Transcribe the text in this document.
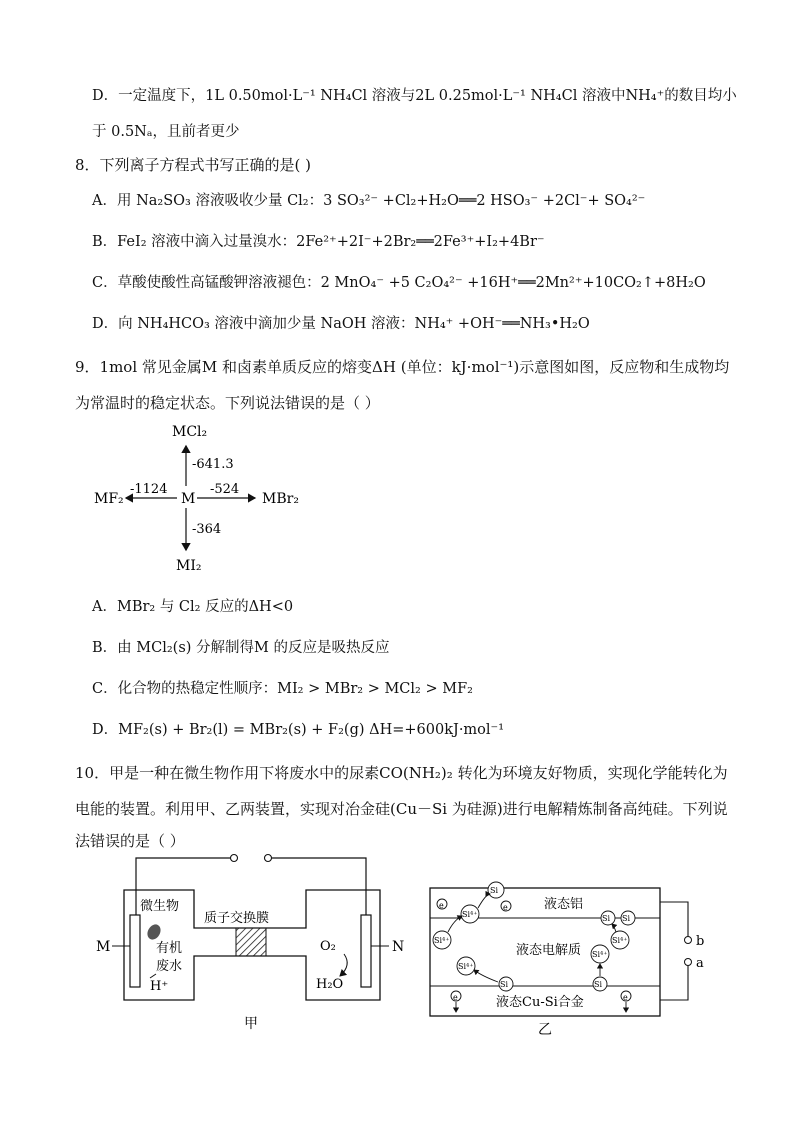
D．一定温度下，1L 0.50mol·L⁻¹ NH₄Cl 溶液与2L 0.25mol·L⁻¹ NH₄Cl 溶液中NH₄⁺的数目均小
于 0.5Nₐ，且前者更少
8．下列离子方程式书写正确的是( )
A．用 Na₂SO₃ 溶液吸收少量 Cl₂：3 SO₃²⁻ +Cl₂+H₂O══2 HSO₃⁻ +2Cl⁻+ SO₄²⁻
B．FeI₂ 溶液中滴入过量溴水：2Fe²⁺+2I⁻+2Br₂══2Fe³⁺+I₂+4Br⁻
C．草酸使酸性高锰酸钾溶液褪色：2 MnO₄⁻ +5 C₂O₄²⁻ +16H⁺══2Mn²⁺+10CO₂↑+8H₂O
D．向 NH₄HCO₃ 溶液中滴加少量 NaOH 溶液：NH₄⁺ +OH⁻══NH₃•H₂O
9．1mol 常见金属M 和卤素单质反应的熔变ΔH (单位：kJ·mol⁻¹)示意图如图，反应物和生成物均
为常温时的稳定状态。下列说法错误的是（ ）
M
MCl₂
-641.3
MF₂
-1124
MBr₂
-524
-364
MI₂
A．MBr₂ 与 Cl₂ 反应的ΔH<0
B．由 MCl₂(s) 分解制得M 的反应是吸热反应
C．化合物的热稳定性顺序：MI₂ > MBr₂ > MCl₂ > MF₂
D．MF₂(s) + Br₂(l) = MBr₂(s) + F₂(g) ΔH=+600kJ·mol⁻¹
10．甲是一种在微生物作用下将废水中的尿素CO(NH₂)₂ 转化为环境友好物质，实现化学能转化为
电能的装置。利用甲、乙两装置，实现对冶金硅(Cu－Si 为硅源)进行电解精炼制备高纯硅。下列说
法错误的是（ ）
M	N
微生物
质子交换膜
有机
废水
H⁺
O₂
H₂O
甲
b
a
液态铝
液态电解质
液态Cu-Si合金
e	e
e	e
Si⁴⁺
Si⁴⁺
Si⁴⁺
Si⁴⁺
Si⁴⁺
Si
Si Si
Si	Si
乙
